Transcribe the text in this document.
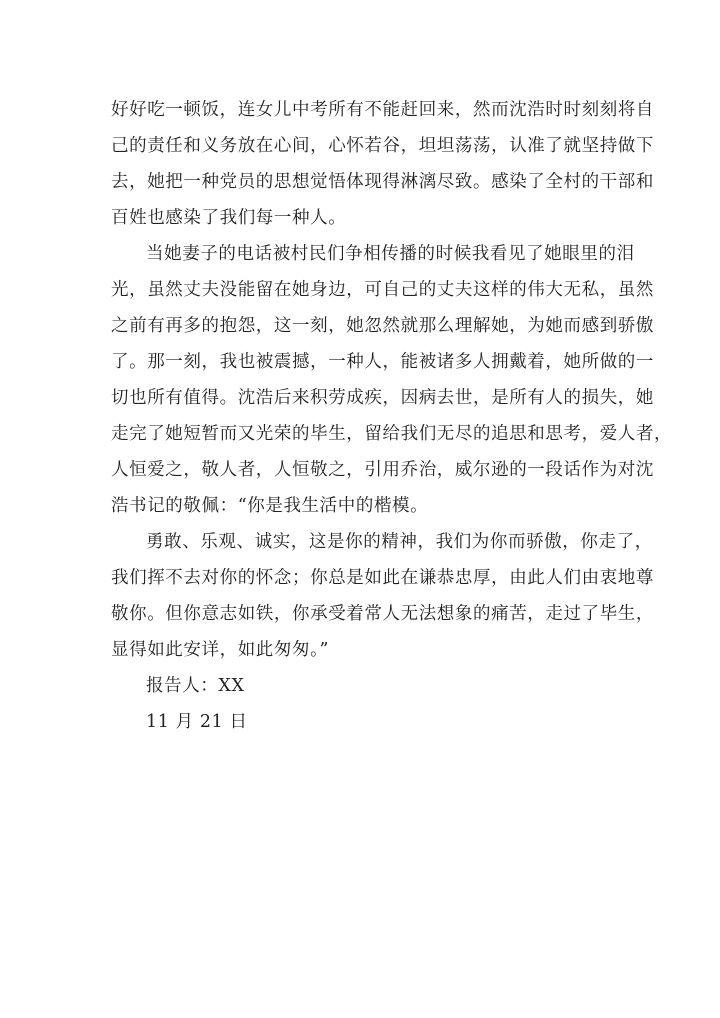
好好吃一顿饭，连女儿中考所有不能赶回来，然而沈浩时时刻刻将自
己的责任和义务放在心间，心怀若谷，坦坦荡荡，认准了就坚持做下
去，她把一种党员的思想觉悟体现得淋漓尽致。感染了全村的干部和
百姓也感染了我们每一种人。
当她妻子的电话被村民们争相传播的时候我看见了她眼里的泪
光，虽然丈夫没能留在她身边，可自己的丈夫这样的伟大无私，虽然
之前有再多的抱怨，这一刻，她忽然就那么理解她，为她而感到骄傲
了。那一刻，我也被震撼，一种人，能被诸多人拥戴着，她所做的一
切也所有值得。沈浩后来积劳成疾，因病去世，是所有人的损失，她
走完了她短暂而又光荣的毕生，留给我们无尽的追思和思考，爱人者，
人恒爱之，敬人者，人恒敬之，引用乔治，威尔逊的一段话作为对沈
浩书记的敬佩：“你是我生活中的楷模。
勇敢、乐观、诚实，这是你的精神，我们为你而骄傲，你走了，
我们挥不去对你的怀念；你总是如此在谦恭忠厚，由此人们由衷地尊
敬你。但你意志如铁，你承受着常人无法想象的痛苦，走过了毕生，
显得如此安详，如此匆匆。”
报告人：XX
11 月 21 日
